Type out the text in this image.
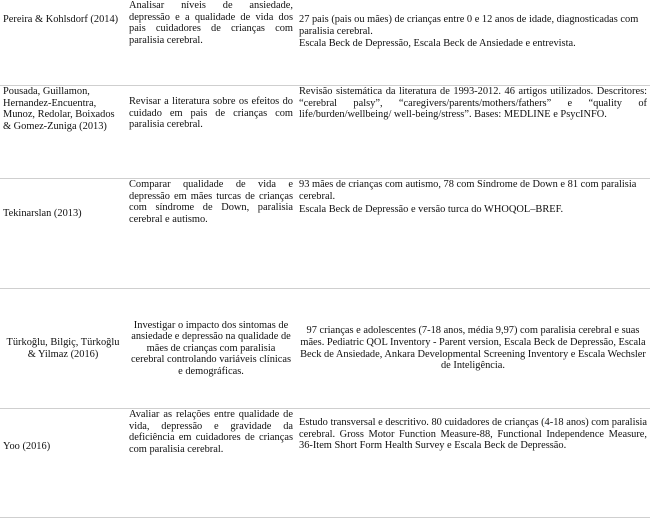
Pereira & Kohlsdorf (2014)	Analisar níveis de ansiedade, depressão e a qualidade de vida dos pais cuidadores de crianças com paralisia cerebral.	27 pais (pais ou mães) de crianças entre 0 e 12 anos de idade, diagnosticadas com paralisia cerebral.
Escala Beck de Depressão, Escala Beck de Ansiedade e entrevista.

Pousada, Guillamon, Hernandez-Encuentra, Munoz, Redolar, Boixados & Gomez-Zuniga (2013)	Revisar a literatura sobre os efeitos do cuidado em pais de crianças com paralisia cerebral.	Revisão sistemática da literatura de 1993-2012. 46 artigos utilizados. Descritores: “cerebral palsy”, “caregivers/parents/mothers/fathers” e “quality of life/burden/wellbeing/ well-being/stress”. Bases: MEDLINE e PsycINFO.
Tekinarslan (2013)	Comparar qualidade de vida e depressão em mães turcas de crianças com síndrome de Down, paralisia cerebral e autismo.	93 mães de crianças com autismo, 78 com Síndrome de Down e 81 com paralisia cerebral.
Escala Beck de Depressão e versão turca do WHOQOL–BREF.

Türkoğlu, Bilgiç, Türkoğlu & Yilmaz (2016)	Investigar o impacto dos sintomas de ansiedade e depressão na qualidade de mães de crianças com paralisia cerebral controlando variáveis clínicas e demográficas.	97 crianças e adolescentes (7-18 anos, média 9,97) com paralisia cerebral e suas mães. Pediatric QOL Inventory - Parent version, Escala Beck de Depressão, Escala Beck de Ansiedade, Ankara Developmental Screening Inventory e Escala Wechsler de Inteligência.
Yoo (2016)	Avaliar as relações entre qualidade de vida, depressão e gravidade da deficiência em cuidadores de crianças com paralisia cerebral.	Estudo transversal e descritivo. 80 cuidadores de crianças (4-18 anos) com paralisia cerebral. Gross Motor Function Measure-88, Functional Independence Measure, 36-Item Short Form Health Survey e Escala Beck de Depressão.
